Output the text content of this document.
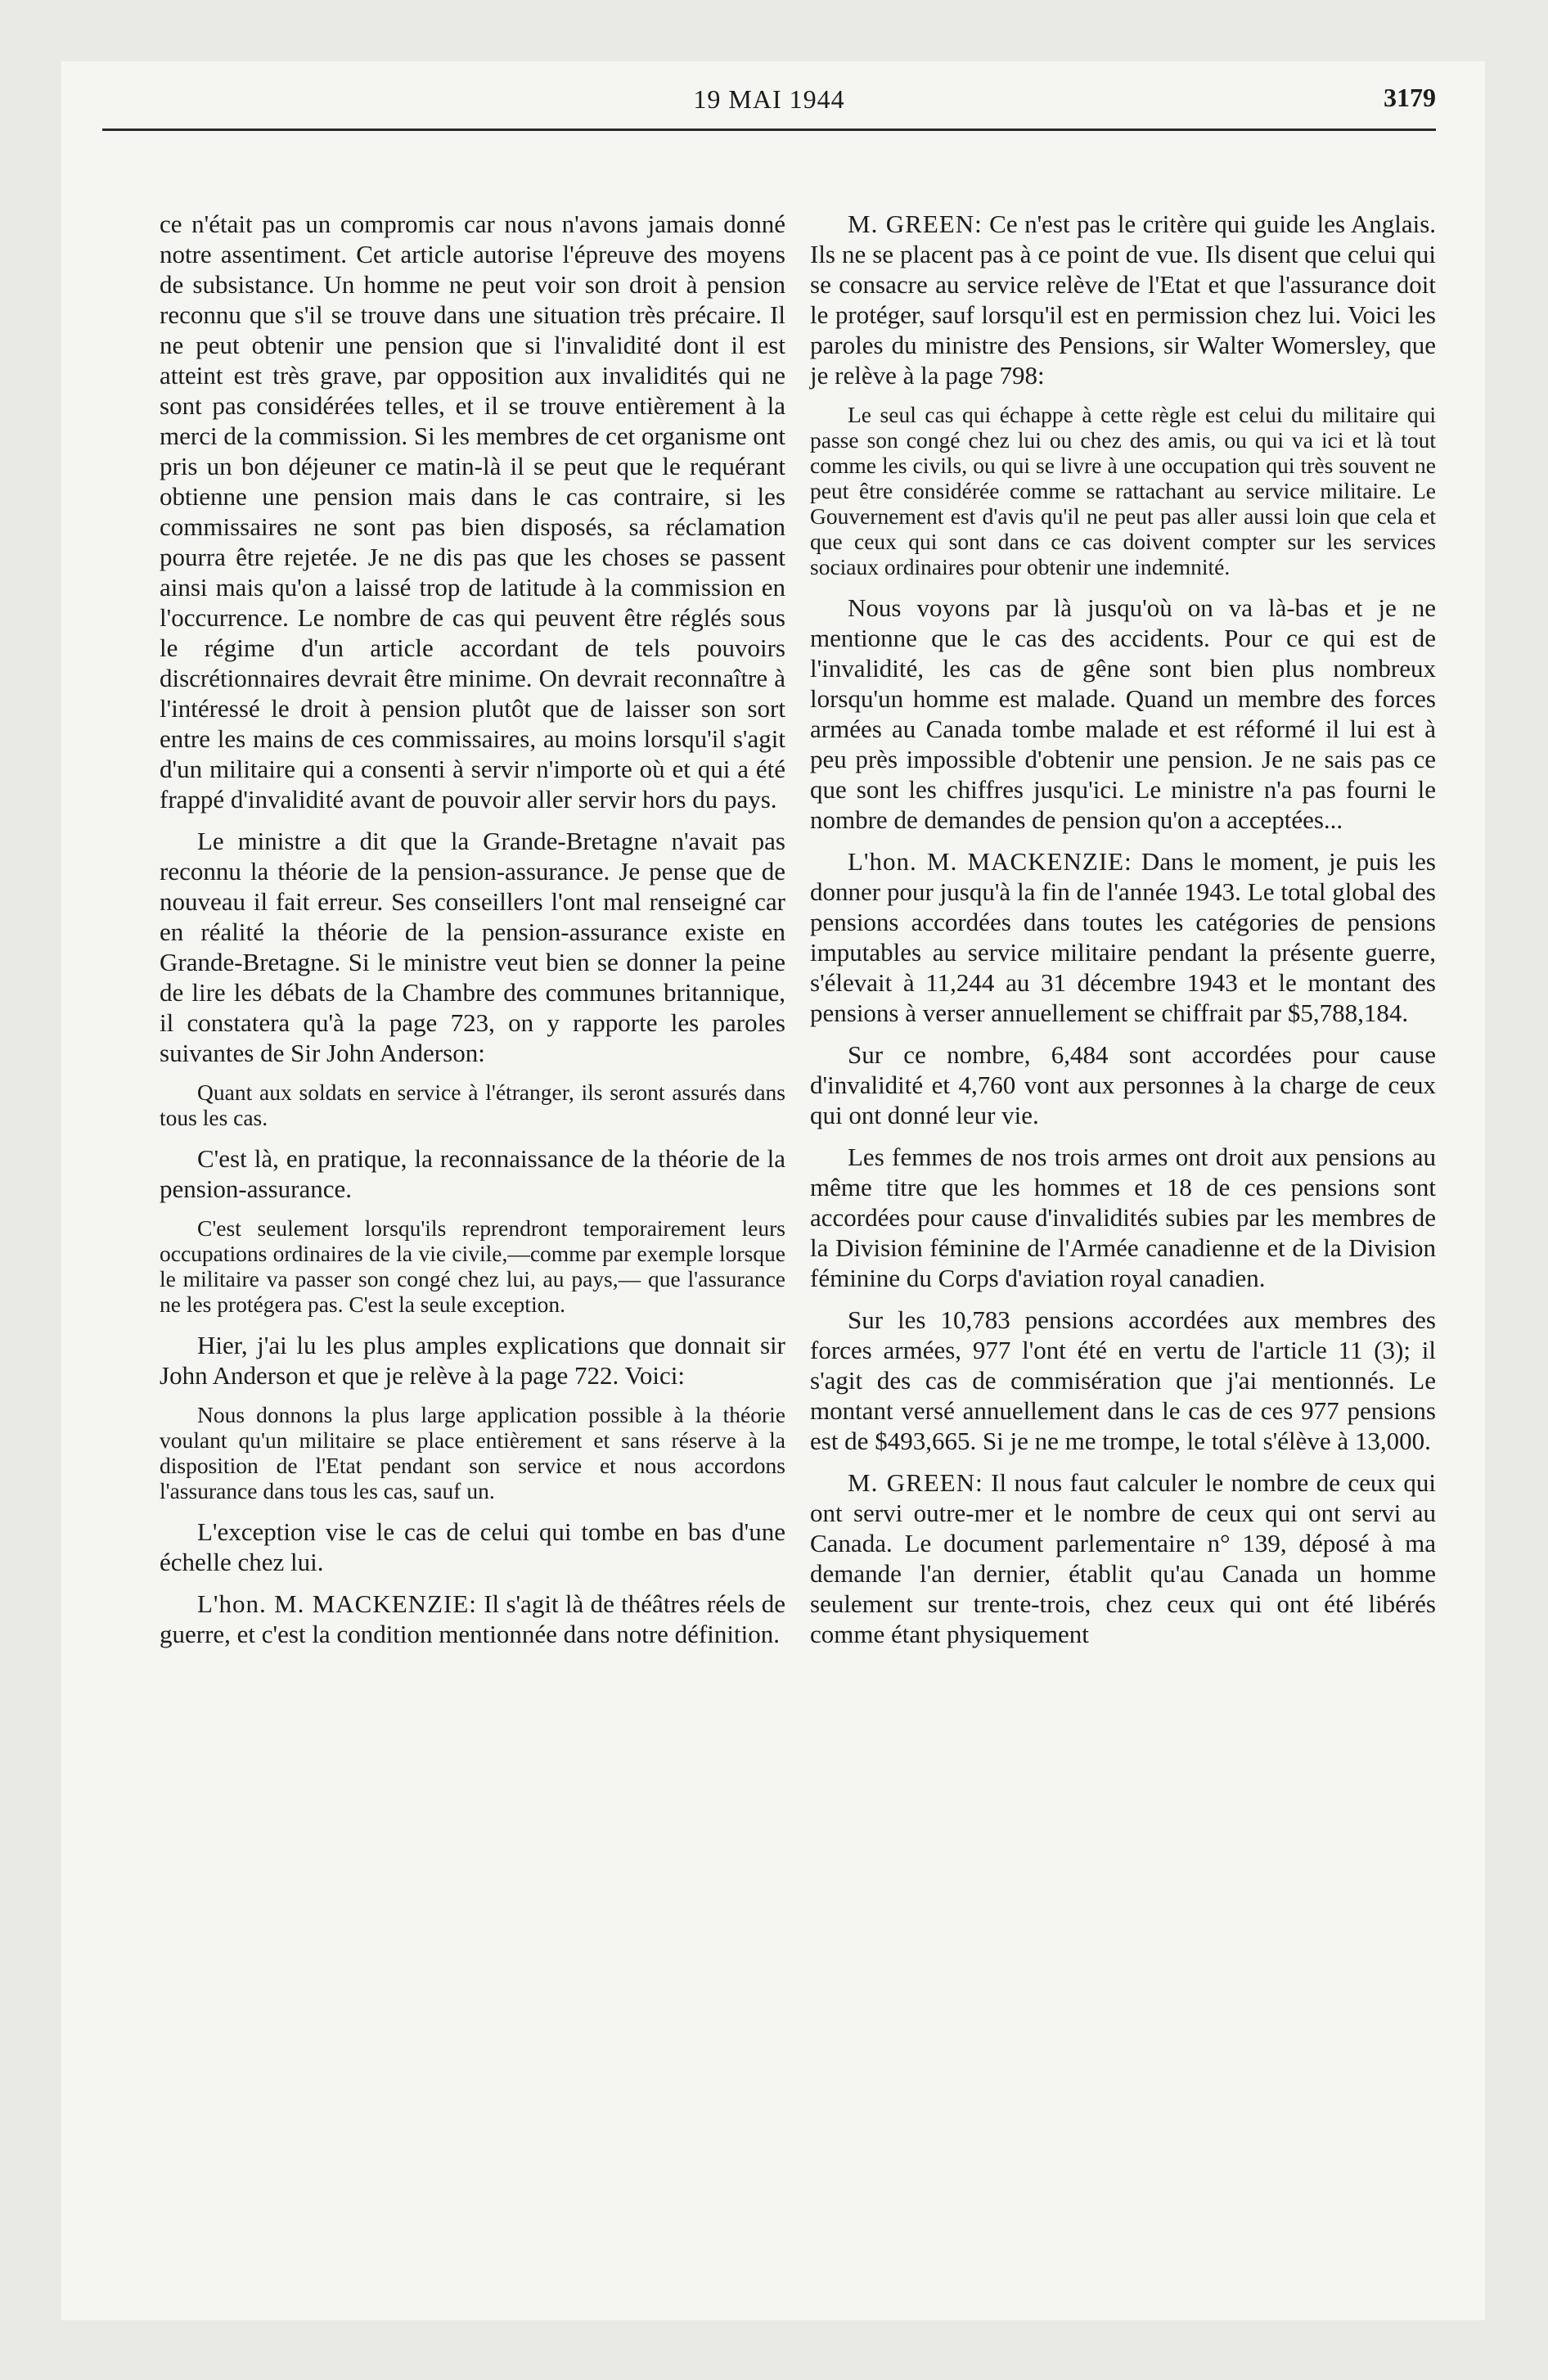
19 MAI 1944	3179

ce n'était pas un compromis car nous n'avons jamais donné notre assentiment. Cet article autorise l'épreuve des moyens de subsistance. Un homme ne peut voir son droit à pension reconnu que s'il se trouve dans une situation très précaire. Il ne peut obtenir une pension que si l'invalidité dont il est atteint est très grave, par opposition aux invalidités qui ne sont pas considérées telles, et il se trouve entièrement à la merci de la commission. Si les membres de cet organisme ont pris un bon déjeuner ce matin-là il se peut que le requérant obtienne une pension mais dans le cas contraire, si les commissaires ne sont pas bien disposés, sa réclamation pourra être rejetée. Je ne dis pas que les choses se passent ainsi mais qu'on a laissé trop de latitude à la commission en l'occurrence. Le nombre de cas qui peuvent être réglés sous le régime d'un article accordant de tels pouvoirs discrétionnaires devrait être minime. On devrait reconnaître à l'intéressé le droit à pension plutôt que de laisser son sort entre les mains de ces commissaires, au moins lorsqu'il s'agit d'un militaire qui a consenti à servir n'importe où et qui a été frappé d'invalidité avant de pouvoir aller servir hors du pays.

Le ministre a dit que la Grande-Bretagne n'avait pas reconnu la théorie de la pension-assurance. Je pense que de nouveau il fait erreur. Ses conseillers l'ont mal renseigné car en réalité la théorie de la pension-assurance existe en Grande-Bretagne. Si le ministre veut bien se donner la peine de lire les débats de la Chambre des communes britannique, il constatera qu'à la page 723, on y rapporte les paroles suivantes de Sir John Anderson:

Quant aux soldats en service à l'étranger, ils seront assurés dans tous les cas.

C'est là, en pratique, la reconnaissance de la théorie de la pension-assurance.

C'est seulement lorsqu'ils reprendront temporairement leurs occupations ordinaires de la vie civile,—comme par exemple lorsque le militaire va passer son congé chez lui, au pays,— que l'assurance ne les protégera pas. C'est la seule exception.

Hier, j'ai lu les plus amples explications que donnait sir John Anderson et que je relève à la page 722. Voici:

Nous donnons la plus large application possible à la théorie voulant qu'un militaire se place entièrement et sans réserve à la disposition de l'Etat pendant son service et nous accordons l'assurance dans tous les cas, sauf un.

L'exception vise le cas de celui qui tombe en bas d'une échelle chez lui.

L'hon. M. MACKENZIE: Il s'agit là de théâtres réels de guerre, et c'est la condition mentionnée dans notre définition.

M. GREEN: Ce n'est pas le critère qui guide les Anglais. Ils ne se placent pas à ce point de vue. Ils disent que celui qui se consacre au service relève de l'Etat et que l'assurance doit le protéger, sauf lorsqu'il est en permission chez lui. Voici les paroles du ministre des Pensions, sir Walter Womersley, que je relève à la page 798:

Le seul cas qui échappe à cette règle est celui du militaire qui passe son congé chez lui ou chez des amis, ou qui va ici et là tout comme les civils, ou qui se livre à une occupation qui très souvent ne peut être considérée comme se rattachant au service militaire. Le Gouvernement est d'avis qu'il ne peut pas aller aussi loin que cela et que ceux qui sont dans ce cas doivent compter sur les services sociaux ordinaires pour obtenir une indemnité.

Nous voyons par là jusqu'où on va là-bas et je ne mentionne que le cas des accidents. Pour ce qui est de l'invalidité, les cas de gêne sont bien plus nombreux lorsqu'un homme est malade. Quand un membre des forces armées au Canada tombe malade et est réformé il lui est à peu près impossible d'obtenir une pension. Je ne sais pas ce que sont les chiffres jusqu'ici. Le ministre n'a pas fourni le nombre de demandes de pension qu'on a acceptées...

L'hon. M. MACKENZIE: Dans le moment, je puis les donner pour jusqu'à la fin de l'année 1943. Le total global des pensions accordées dans toutes les catégories de pensions imputables au service militaire pendant la présente guerre, s'élevait à 11,244 au 31 décembre 1943 et le montant des pensions à verser annuellement se chiffrait par $5,788,184.

Sur ce nombre, 6,484 sont accordées pour cause d'invalidité et 4,760 vont aux personnes à la charge de ceux qui ont donné leur vie.

Les femmes de nos trois armes ont droit aux pensions au même titre que les hommes et 18 de ces pensions sont accordées pour cause d'invalidités subies par les membres de la Division féminine de l'Armée canadienne et de la Division féminine du Corps d'aviation royal canadien.

Sur les 10,783 pensions accordées aux membres des forces armées, 977 l'ont été en vertu de l'article 11 (3); il s'agit des cas de commisération que j'ai mentionnés. Le montant versé annuellement dans le cas de ces 977 pensions est de $493,665. Si je ne me trompe, le total s'élève à 13,000.

M. GREEN: Il nous faut calculer le nombre de ceux qui ont servi outre-mer et le nombre de ceux qui ont servi au Canada. Le document parlementaire n° 139, déposé à ma demande l'an dernier, établit qu'au Canada un homme seulement sur trente-trois, chez ceux qui ont été libérés comme étant physiquement
